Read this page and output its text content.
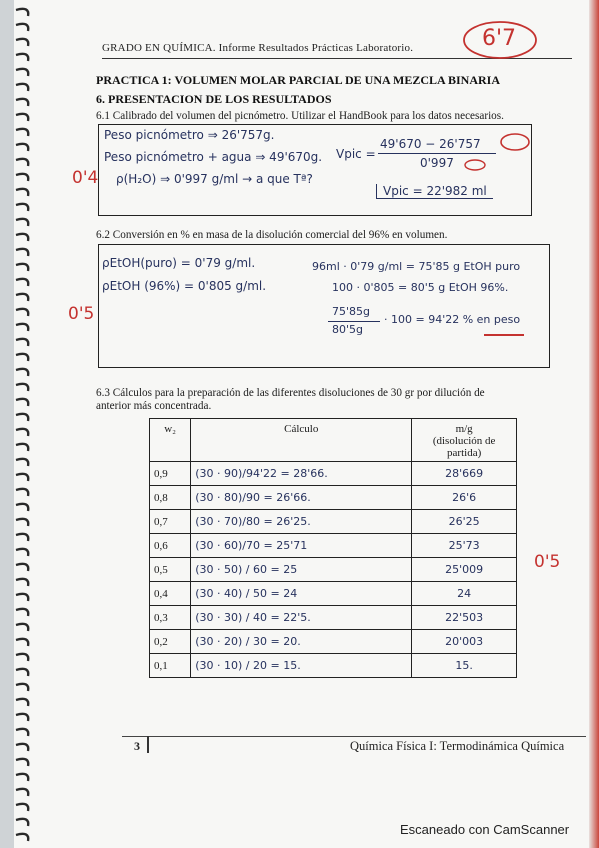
GRADO EN QUÍMICA. Informe Resultados Prácticas Laboratorio.	6'7
PRACTICA 1: VOLUMEN MOLAR PARCIAL DE UNA MEZCLA BINARIA
6. PRESENTACION DE LOS RESULTADOS
6.1 Calibrado del volumen del picnómetro. Utilizar el HandBook para los datos necesarios.
Peso picnómetro ⇒ 26'757g.
Peso picnómetro + agua ⇒ 49'670g.
ρ(H₂O) ⇒ 0'997 g/ml → a que Tª?
Vpic =
49'670 − 26'757
0'997
Vpic = 22'982 ml
0'4
6.2 Conversión en % en masa de la disolución comercial del 96% en volumen.
ρEtOH(puro) = 0'79 g/ml.
ρEtOH (96%) = 0'805 g/ml.
96ml · 0'79 g/ml = 75'85 g EtOH puro
100 · 0'805 = 80'5 g EtOH 96%.
75'85g
80'5g
· 100 = 94'22 % en peso
0'5
6.3 Cálculos para la preparación de las diferentes disoluciones de 30 gr por dilución de
anterior más concentrada.
w₂	Cálculo	m/g
(disolución de partida)
0,9	(30 · 90)/94'22 = 28'66.	28'669
0,8	(30 · 80)/90 = 26'66.	26'6
0,7	(30 · 70)/80 = 26'25.	26'25
0,6	(30 · 60)/70 = 25'71	25'73
0,5	(30 · 50) / 60 = 25	25'009
0,4	(30 · 40) / 50 = 24	24
0,3	(30 · 30) / 40 = 22'5.	22'503
0,2	(30 · 20) / 30 = 20.	20'003
0,1	(30 · 10) / 20 = 15.	15.
0'5
3	Química Física I: Termodinámica Química
Escaneado con CamScanner
